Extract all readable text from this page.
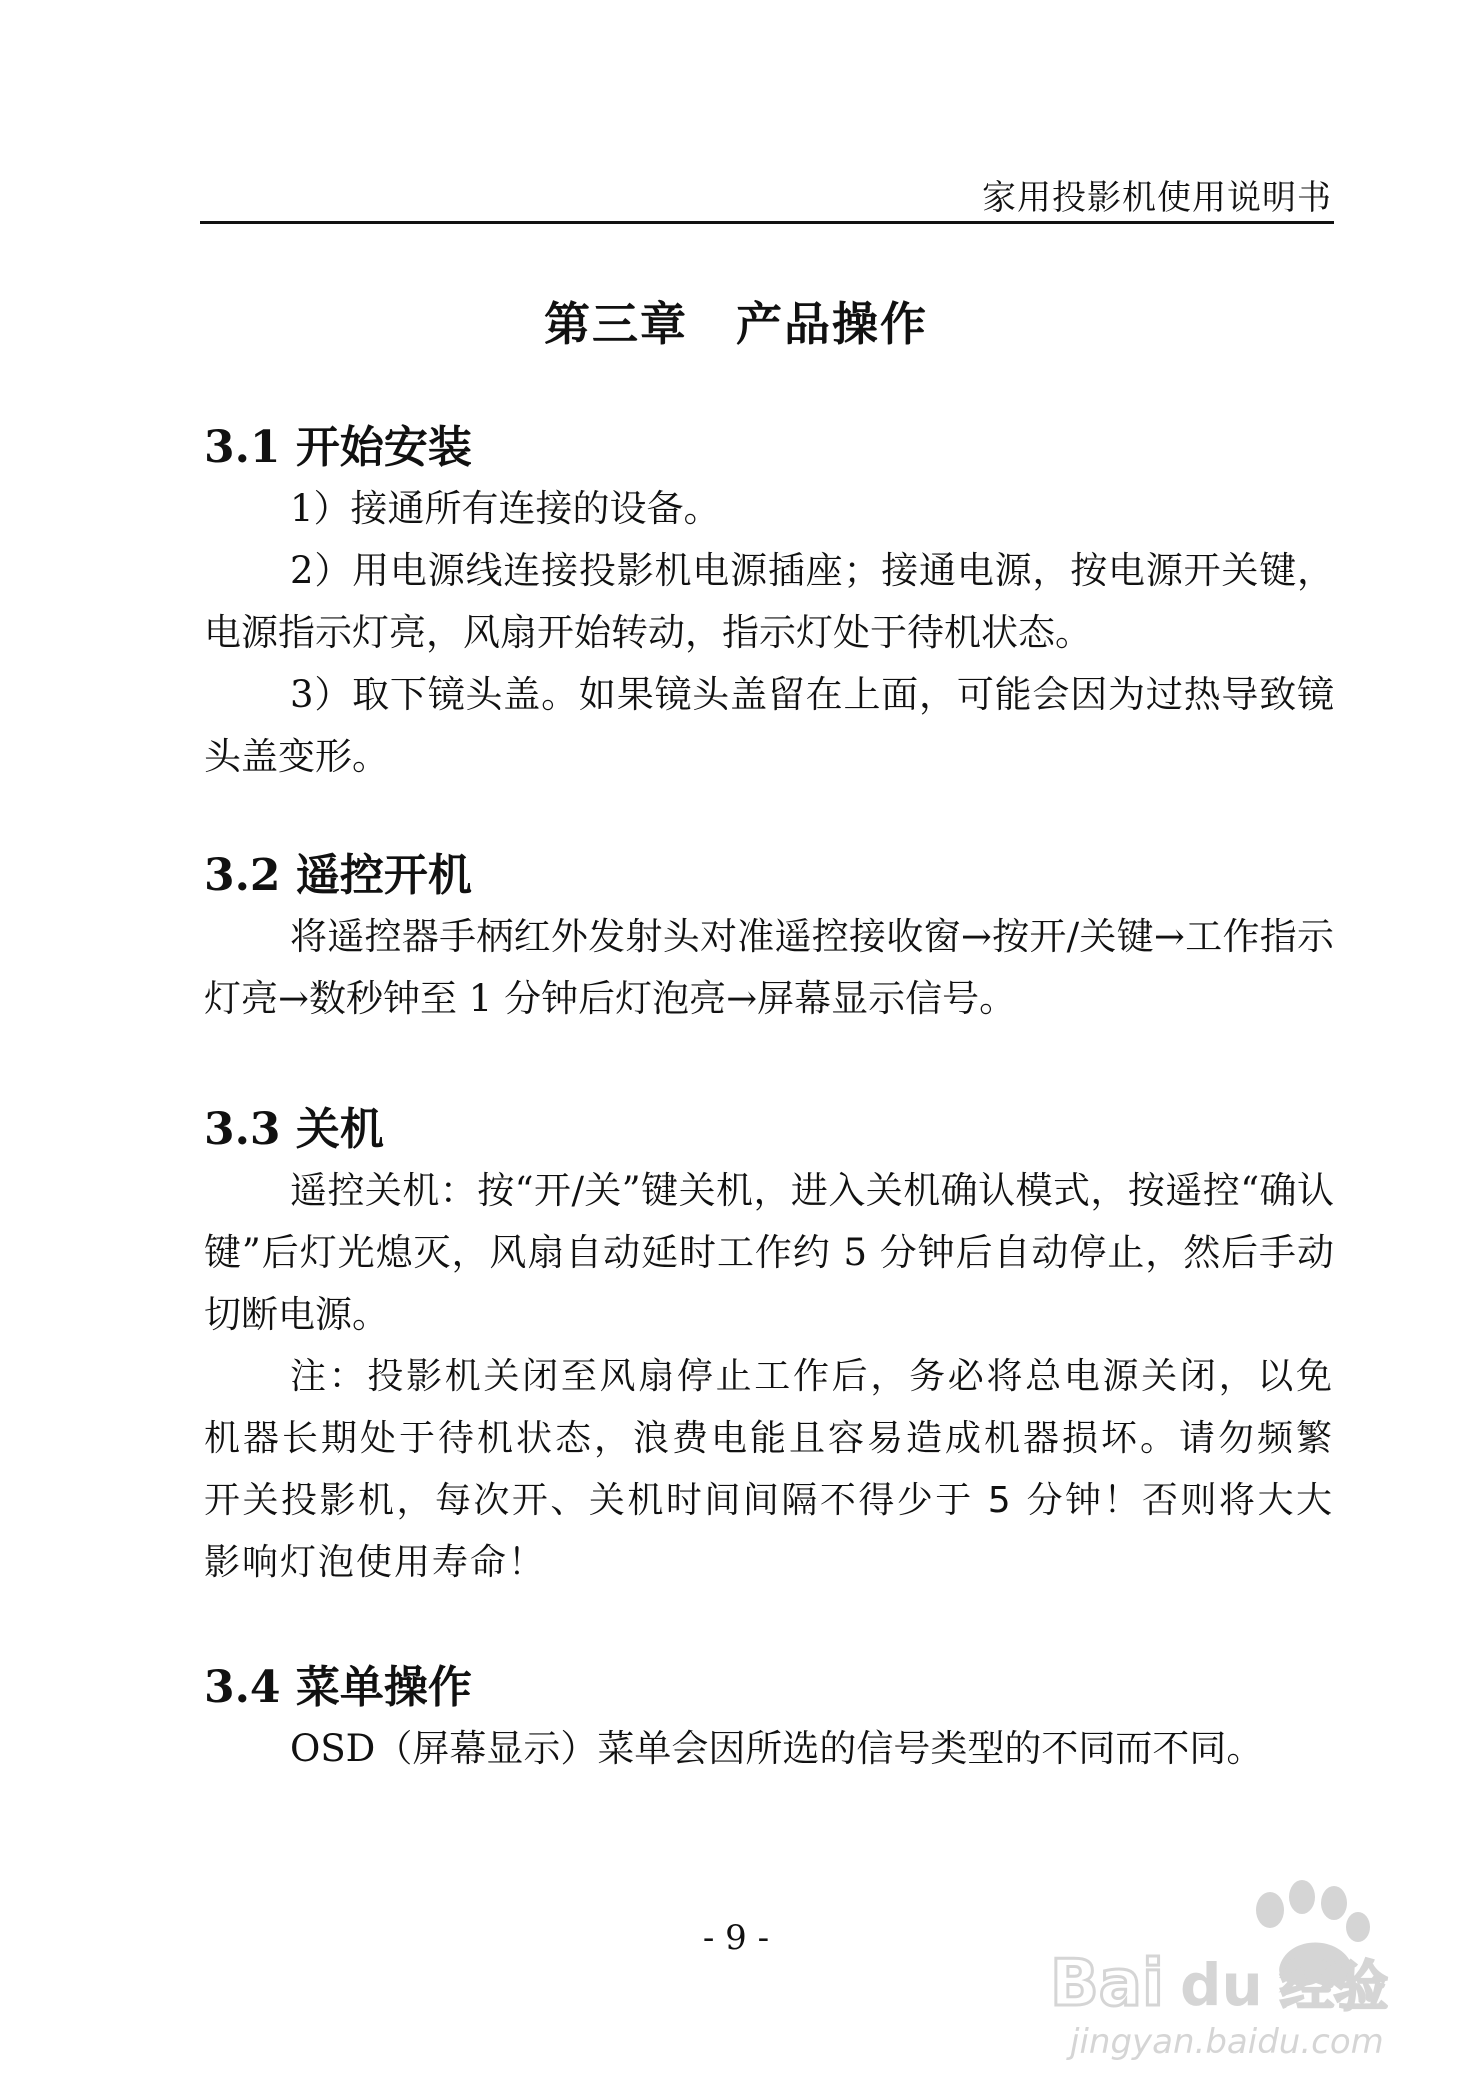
家用投影机使用说明书
第三章　产品操作
3.1 开始安装

1）接通所有连接的设备。

2）用电源线连接投影机电源插座；接通电源，按电源开关键，电源指示灯亮，风扇开始转动，指示灯处于待机状态。

3）取下镜头盖。如果镜头盖留在上面，可能会因为过热导致镜头盖变形。

3.2 遥控开机

将遥控器手柄红外发射头对准遥控接收窗→按开/关键→工作指示灯亮→数秒钟至 1 分钟后灯泡亮→屏幕显示信号。

3.3 关机

遥控关机：按“开/关”键关机，进入关机确认模式，按遥控“确认键”后灯光熄灭，风扇自动延时工作约 5 分钟后自动停止，然后手动切断电源。

注：投影机关闭至风扇停止工作后，务必将总电源关闭，以免机器长期处于待机状态，浪费电能且容易造成机器损坏。请勿频繁开关投影机，每次开、关机时间间隔不得少于 5 分钟！否则将大大影响灯泡使用寿命！

3.4 菜单操作

OSD（屏幕显示）菜单会因所选的信号类型的不同而不同。

- 9 -
Bai du 经验
jingyan.baidu.com
